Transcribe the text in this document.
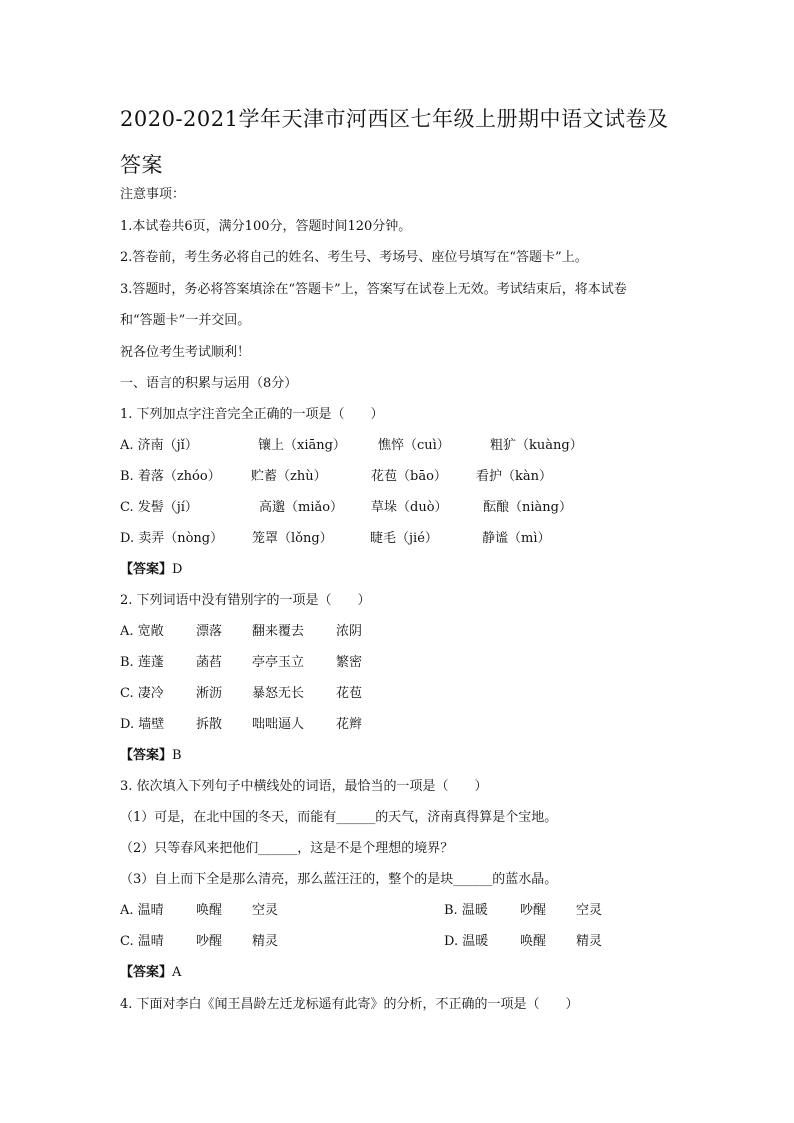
2020-2021学年天津市河西区七年级上册期中语文试卷及答案
注意事项：
1.本试卷共6页，满分100分，答题时间120分钟。
2.答卷前，考生务必将自己的姓名、考生号、考场号、座位号填写在“答题卡”上。
3.答题时，务必将答案填涂在“答题卡”上，答案写在试卷上无效。考试结束后，将本试卷
和“答题卡”一并交回。
祝各位考生考试顺利！
一、语言的积累与运用（8分）
1. 下列加点字注音完全正确的一项是（　　）
A. 济南（jǐ）	镶上（xiāng） 憔悴（cuì）	粗犷（kuàng）
B. 着落（zhóo） 贮蓄（zhù）	花苞（bāo） 看护（kàn）
C. 发髻（jí）	高邈（miǎo） 草垛（duò）	酝酿（niàng）
D. 卖弄（nòng） 笼罩（lǒng）	睫毛（jié）	静谧（mì）
【答案】D
2. 下列词语中没有错别字的一项是（　　）
A. 宽敞 漂落 翻来覆去 浓阴
B. 莲蓬 菡萏 亭亭玉立 繁密
C. 凄冷 淅沥 暴怒无长 花苞
D. 墙壁 拆散 咄咄逼人 花辫
【答案】B
3. 依次填入下列句子中横线处的词语，最恰当的一项是（　　）
（1）可是，在北中国的冬天，而能有______的天气，济南真得算是个宝地。
（2）只等春风来把他们______，这是不是个理想的境界？
（3）自上而下全是那么清亮，那么蓝汪汪的，整个的是块______的蓝水晶。
A. 温晴 唤醒 空灵	B. 温暖 吵醒 空灵
C. 温晴 吵醒 精灵	D. 温暖 唤醒 精灵
【答案】A
4. 下面对李白《闻王昌龄左迁龙标遥有此寄》的分析，不正确的一项是（　　）
